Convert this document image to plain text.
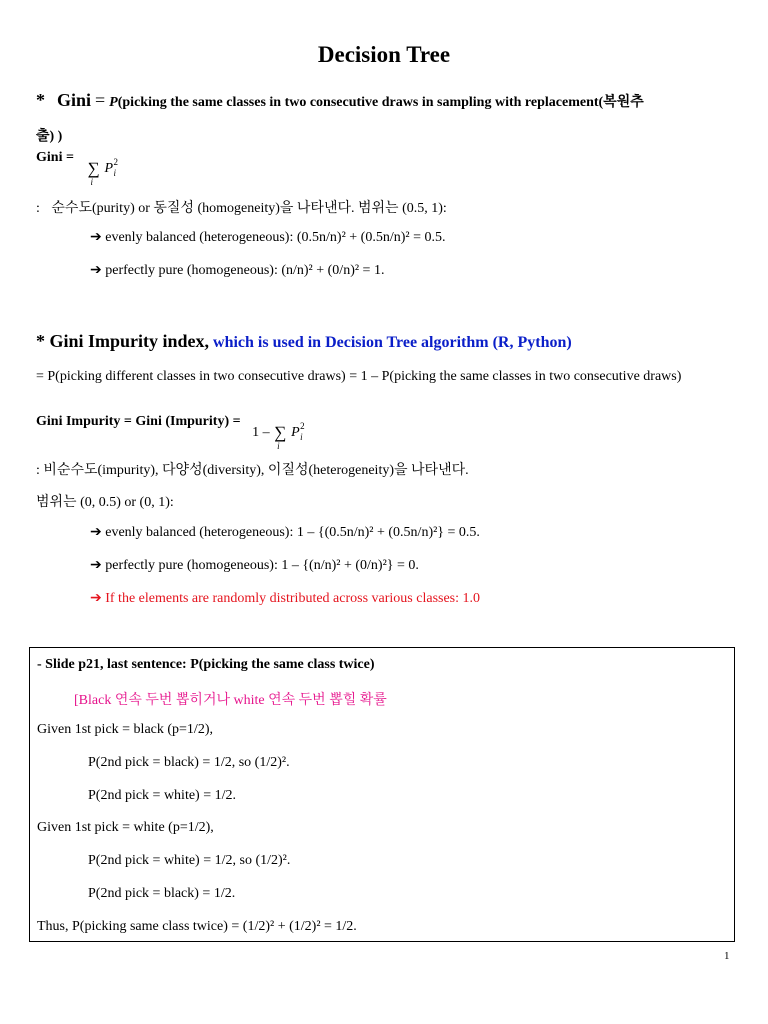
Decision Tree
* Gini = P(picking the same classes in two consecutive draws in sampling with replacement(복원추
출) )
Gini =
∑
i
P i
2
: 순수도(purity) or 동질성 (homogeneity)을 나타낸다. 범위는 (0.5, 1):
➔ evenly balanced (heterogeneous): (0.5n/n)² + (0.5n/n)² = 0.5.
➔ perfectly pure (homogeneous): (n/n)² + (0/n)² = 1.
* Gini Impurity index, which is used in Decision Tree algorithm (R, Python)
= P(picking different classes in two consecutive draws) = 1 – P(picking the same classes in two consecutive draws)
Gini Impurity = Gini (Impurity) =
1 – ∑
i
P i
2
: 비순수도(impurity), 다양성(diversity), 이질성(heterogeneity)을 나타낸다.
범위는 (0, 0.5) or (0, 1):
➔ evenly balanced (heterogeneous): 1 – {(0.5n/n)² + (0.5n/n)²} = 0.5.
➔ perfectly pure (homogeneous): 1 – {(n/n)² + (0/n)²} = 0.
➔ If the elements are randomly distributed across various classes: 1.0
- Slide p21, last sentence: P(picking the same class twice)
[Black 연속 두번 뽑히거나 white 연속 두번 뽑힐 확률
Given 1st pick = black (p=1/2),
P(2nd pick = black) = 1/2, so (1/2)².
P(2nd pick = white) = 1/2.
Given 1st pick = white (p=1/2),
P(2nd pick = white) = 1/2, so (1/2)².
P(2nd pick = black) = 1/2.
Thus, P(picking same class twice) = (1/2)² + (1/2)² = 1/2.
1
